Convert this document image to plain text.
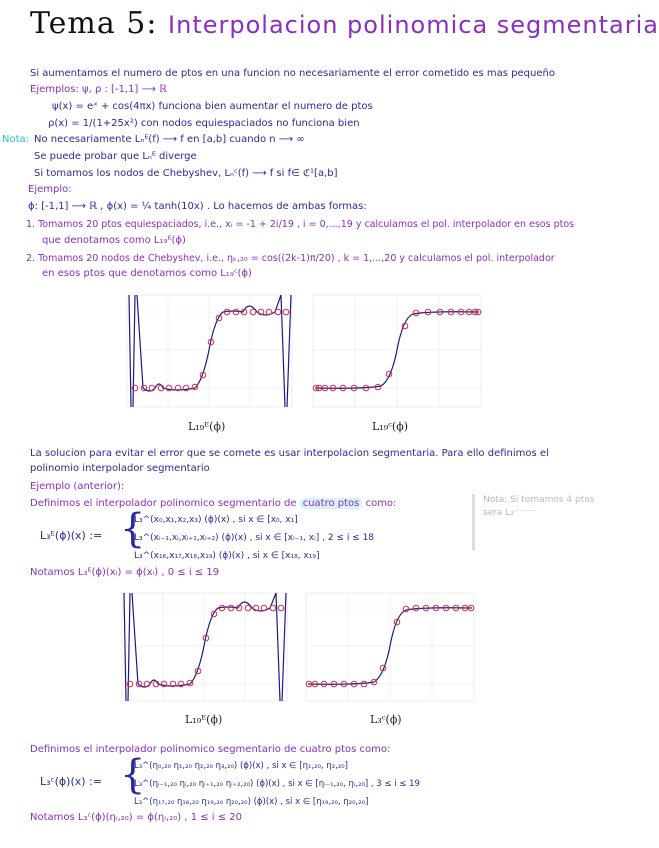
Tema 5: Interpolacion polinomica segmentaria
Si aumentamos el numero de ptos en una funcion no necesariamente el error cometido es mas pequeño
Ejemplos: ψ, ρ : [-1,1] ⟶ ℝ
ψ(x) = eˣ + cos(4πx) funciona bien aumentar el numero de ptos
ρ(x) = 1/(1+25x²) con nodos equiespaciados no funciona bien
Nota: No necesariamente Lₙᴱ(f) ⟶ f en [a,b] cuando n ⟶ ∞
Se puede probar que Lₙᴱ diverge
Si tomamos los nodos de Chebyshev, Lₙᶜ(f) ⟶ f si f∈ ℭ¹[a,b]
Ejemplo:
ϕ: [-1,1] ⟶ ℝ , ϕ(x) = ¼ tanh(10x) . Lo hacemos de ambas formas:
1. Tomamos 20 ptos equiespaciados, i.e., xᵢ = -1 + 2i/19 , i = 0,...,19 y calculamos el pol. interpolador en esos ptos
que denotamos como L₁₉ᴱ(ϕ)
2. Tomamos 20 nodos de Chebyshev, i.e., ηₖ,₂₀ = cos((2k-1)π/20) , k = 1,...,20 y calculamos el pol. interpolador
en esos ptos que denotamos como L₁₉ᶜ(ϕ)
L₁₉ᴱ(ϕ)	L₁₉ᶜ(ϕ)
La solucion para evitar el error que se comete es usar interpolacion segmentaria. Para ello definimos el
polinomio interpolador segmentario
Ejemplo (anterior):
Definimos el interpolador polinomico segmentario de cuatro ptos como:	Nota: Si tomamos 4 ptos sera L₃⁻⁻⁻⁻⁻
L₃ᴱ(ϕ)(x) := {
L₃^(x₀,x₁,x₂,x₃) (ϕ)(x) , si x ∈ [x₀, x₁]
L₃^(xᵢ₋₁,xᵢ,xᵢ₊₁,xᵢ₊₂) (ϕ)(x) , si x ∈ [xᵢ₋₁, xᵢ] , 2 ≤ i ≤ 18
L₃^(x₁₆,x₁₇,x₁₈,x₁₉) (ϕ)(x) , si x ∈ [x₁₈, x₁₉]
Notamos L₃ᴱ(ϕ)(xᵢ) = ϕ(xᵢ) , 0 ≤ i ≤ 19
L₁₉ᴱ(ϕ)	L₃ᶜ(ϕ)
Definimos el interpolador polinomico segmentario de cuatro ptos como:
L₃ᶜ(ϕ)(x) := {
L₃^(η₀,₂₀ η₁,₂₀ η₂,₂₀ η₃,₂₀) (ϕ)(x) , si x ∈ [η₁,₂₀, η₂,₂₀]
L₃^(ηᵢ₋₁,₂₀ ηᵢ,₂₀ ηᵢ₊₁,₂₀ ηᵢ₊₂,₂₀) (ϕ)(x) , si x ∈ [ηᵢ₋₁,₂₀, ηᵢ,₂₀] , 3 ≤ i ≤ 19
L₃^(η₁₇,₂₀ η₁₈,₂₀ η₁₉,₂₀ η₂₀,₂₀) (ϕ)(x) , si x ∈ [η₁₉,₂₀, η₂₀,₂₀]
Notamos L₃ᶜ(ϕ)(ηᵢ,₂₀) = ϕ(ηᵢ,₂₀) , 1 ≤ i ≤ 20
